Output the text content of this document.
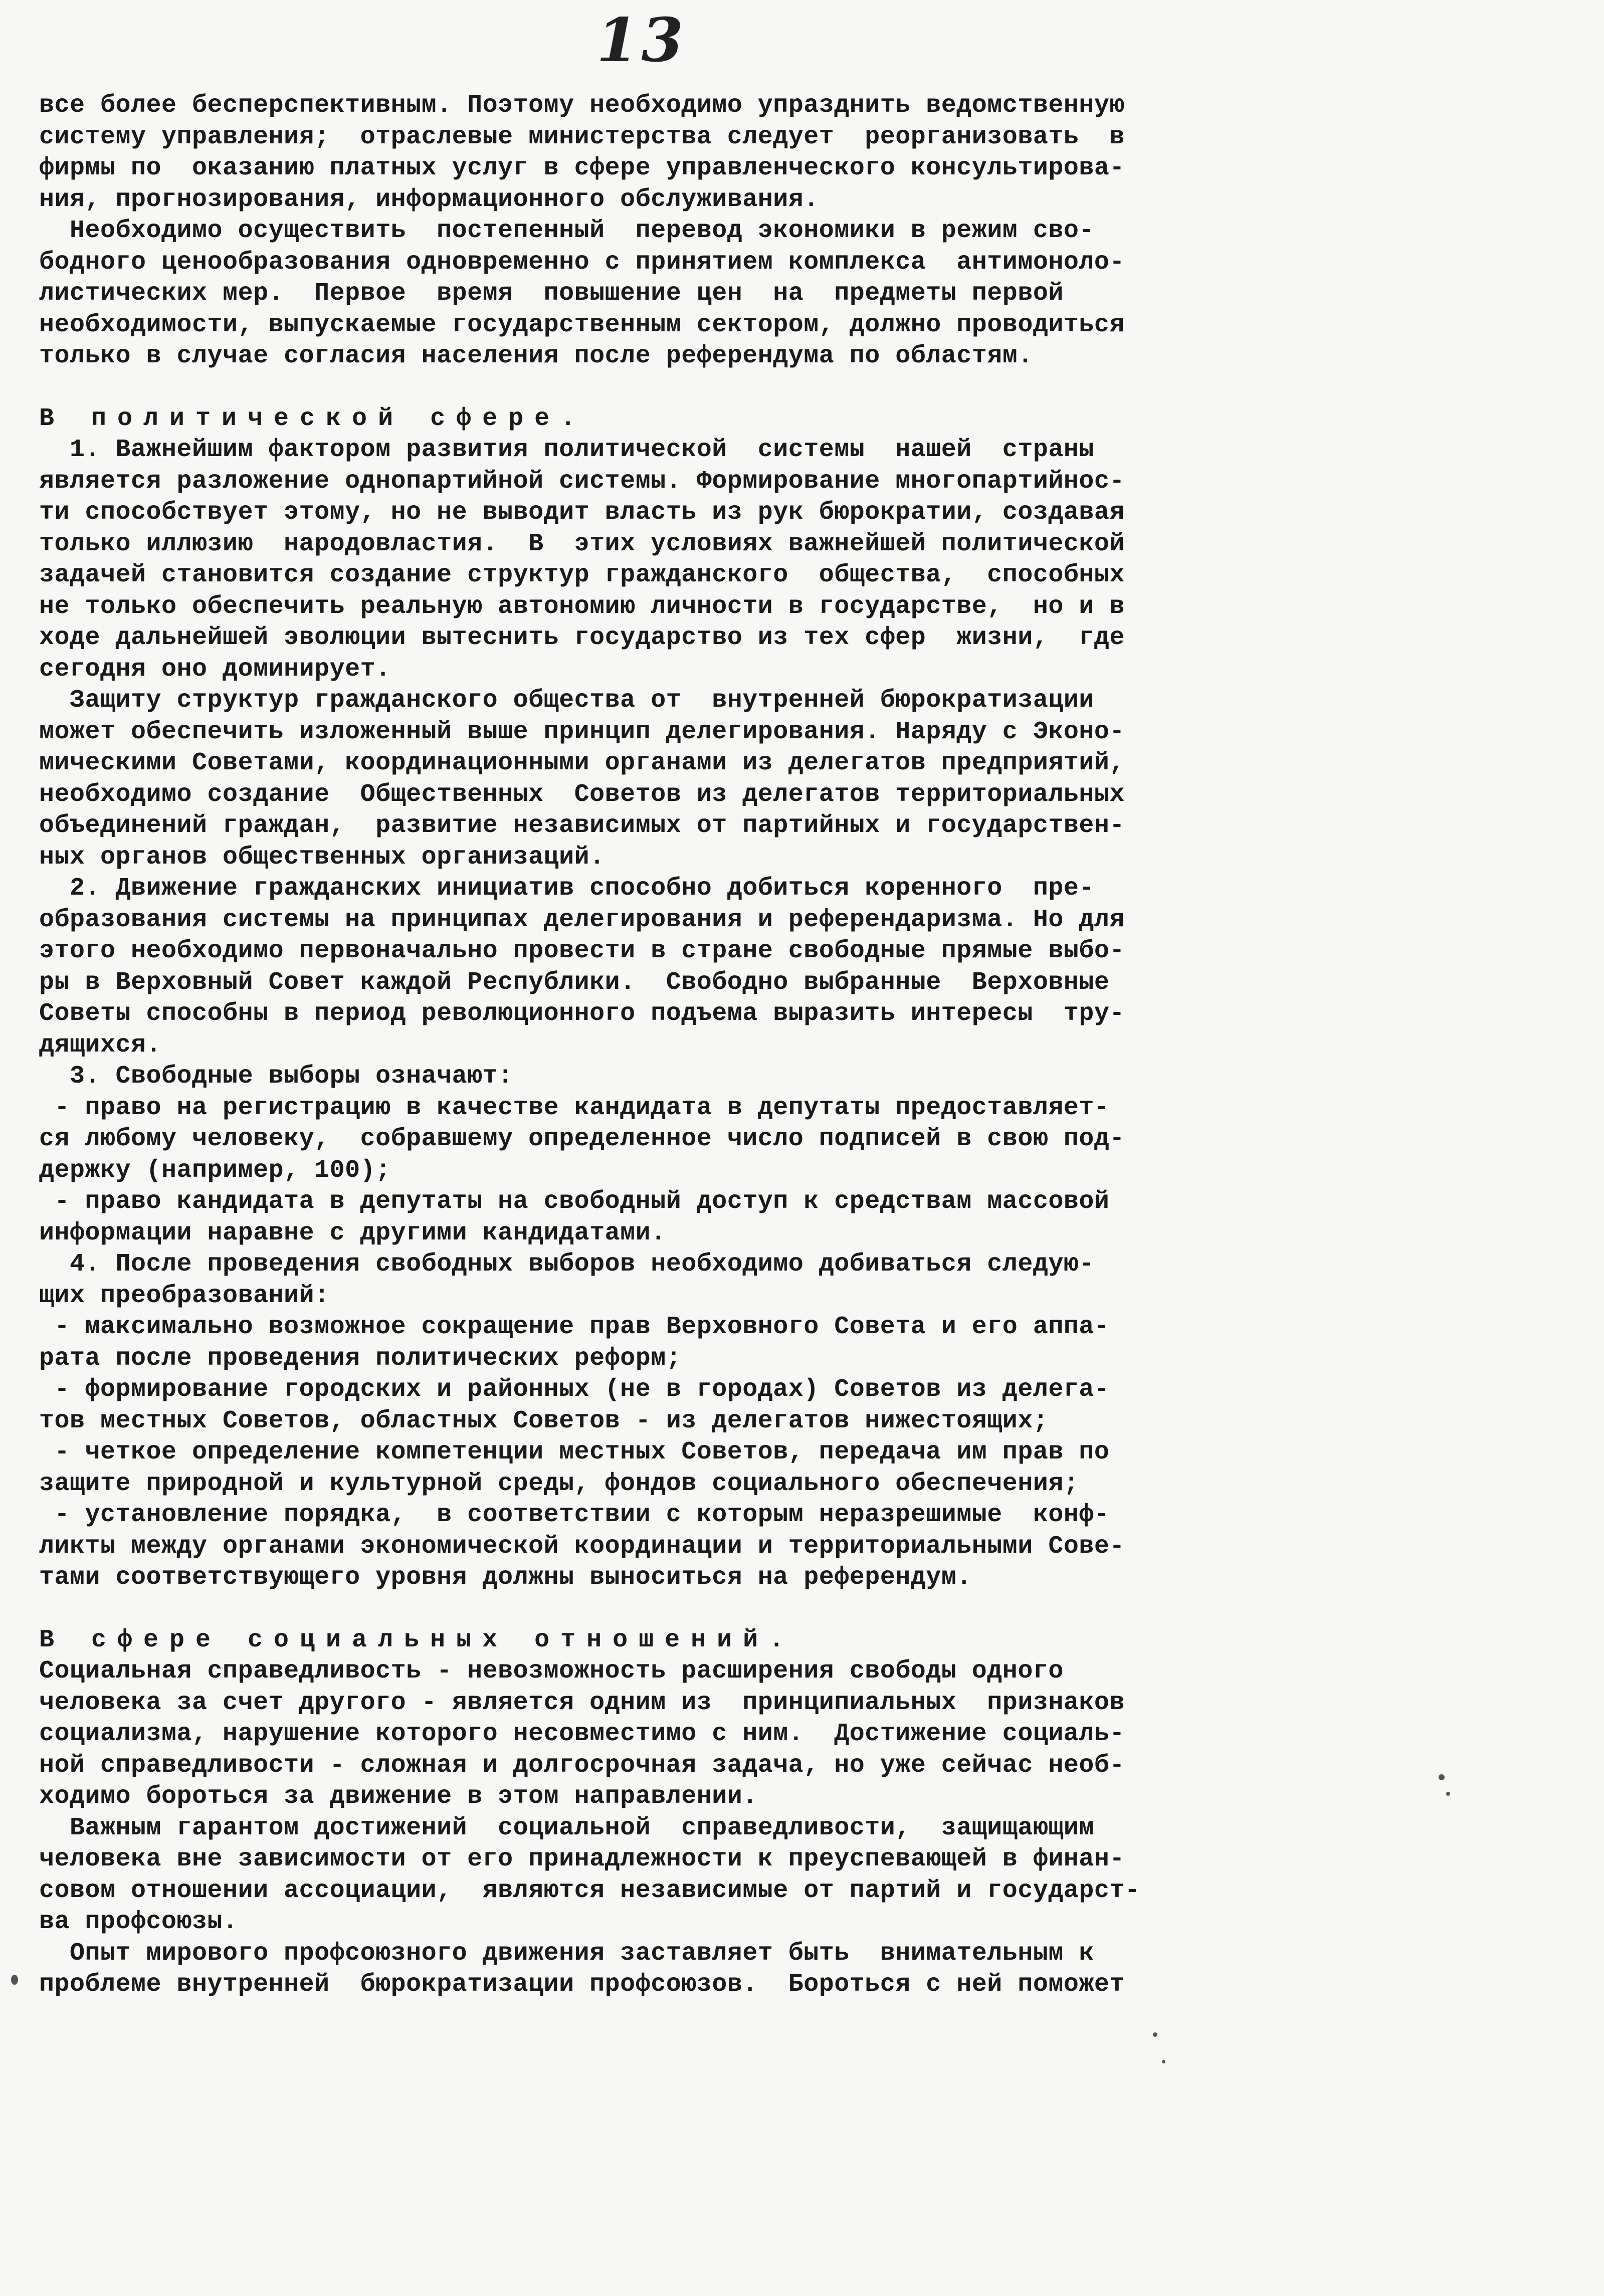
13
все более бесперспективным. Поэтому необходимо упразднить ведомственную
систему управления;  отраслевые министерства следует  реорганизовать  в
фирмы по  оказанию платных услуг в сфере управленческого консультирова-
ния, прогнозирования, информационного обслуживания.
Необходимо осуществить  постепенный  перевод экономики в режим сво-
бодного ценообразования одновременно с принятием комплекса  антимоноло-
листических мер.  Первое  время  повышение цен  на  предметы первой
необходимости, выпускаемые государственным сектором, должно проводиться
только в случае согласия населения после референдума по областям.
В политической сфере.
1. Важнейшим фактором развития политической  системы  нашей  страны
является разложение однопартийной системы. Формирование многопартийнос-
ти способствует этому, но не выводит власть из рук бюрократии, создавая
только иллюзию  народовластия.  В  этих условиях важнейшей политической
задачей становится создание структур гражданского  общества,  способных
не только обеспечить реальную автономию личности в государстве,  но и в
ходе дальнейшей эволюции вытеснить государство из тех сфер  жизни,  где
сегодня оно доминирует.
Защиту структур гражданского общества от  внутренней бюрократизации
может обеспечить изложенный выше принцип делегирования. Наряду с Эконо-
мическими Советами, координационными органами из делегатов предприятий,
необходимо создание  Общественных  Советов из делегатов территориальных
объединений граждан,  развитие независимых от партийных и государствен-
ных органов общественных организаций.
2. Движение гражданских инициатив способно добиться коренного  пре-
образования системы на принципах делегирования и референдаризма. Но для
этого необходимо первоначально провести в стране свободные прямые выбо-
ры в Верховный Совет каждой Республики.  Свободно выбранные  Верховные
Советы способны в период революционного подъема выразить интересы  тру-
дящихся.
3. Свободные выборы означают:
- право на регистрацию в качестве кандидата в депутаты предоставляет-
ся любому человеку,  собравшему определенное число подписей в свою под-
держку (например, 100);
- право кандидата в депутаты на свободный доступ к средствам массовой
информации наравне с другими кандидатами.
4. После проведения свободных выборов необходимо добиваться следую-
щих преобразований:
- максимально возможное сокращение прав Верховного Совета и его аппа-
рата после проведения политических реформ;
- формирование городских и районных (не в городах) Советов из делега-
тов местных Советов, областных Советов - из делегатов нижестоящих;
- четкое определение компетенции местных Советов, передача им прав по
защите природной и культурной среды, фондов социального обеспечения;
- установление порядка,  в соответствии с которым неразрешимые  конф-
ликты между органами экономической координации и территориальными Сове-
тами соответствующего уровня должны выноситься на референдум.
В сфере социальных отношений.
Социальная справедливость - невозможность расширения свободы одного
человека за счет другого - является одним из  принципиальных  признаков
социализма, нарушение которого несовместимо с ним.  Достижение социаль-
ной справедливости - сложная и долгосрочная задача, но уже сейчас необ-
ходимо бороться за движение в этом направлении.
Важным гарантом достижений  социальной  справедливости,  защищающим
человека вне зависимости от его принадлежности к преуспевающей в финан-
совом отношении ассоциации,  являются независимые от партий и государст-
ва профсоюзы.
Опыт мирового профсоюзного движения заставляет быть  внимательным к
проблеме внутренней  бюрократизации профсоюзов.  Бороться с ней поможет
